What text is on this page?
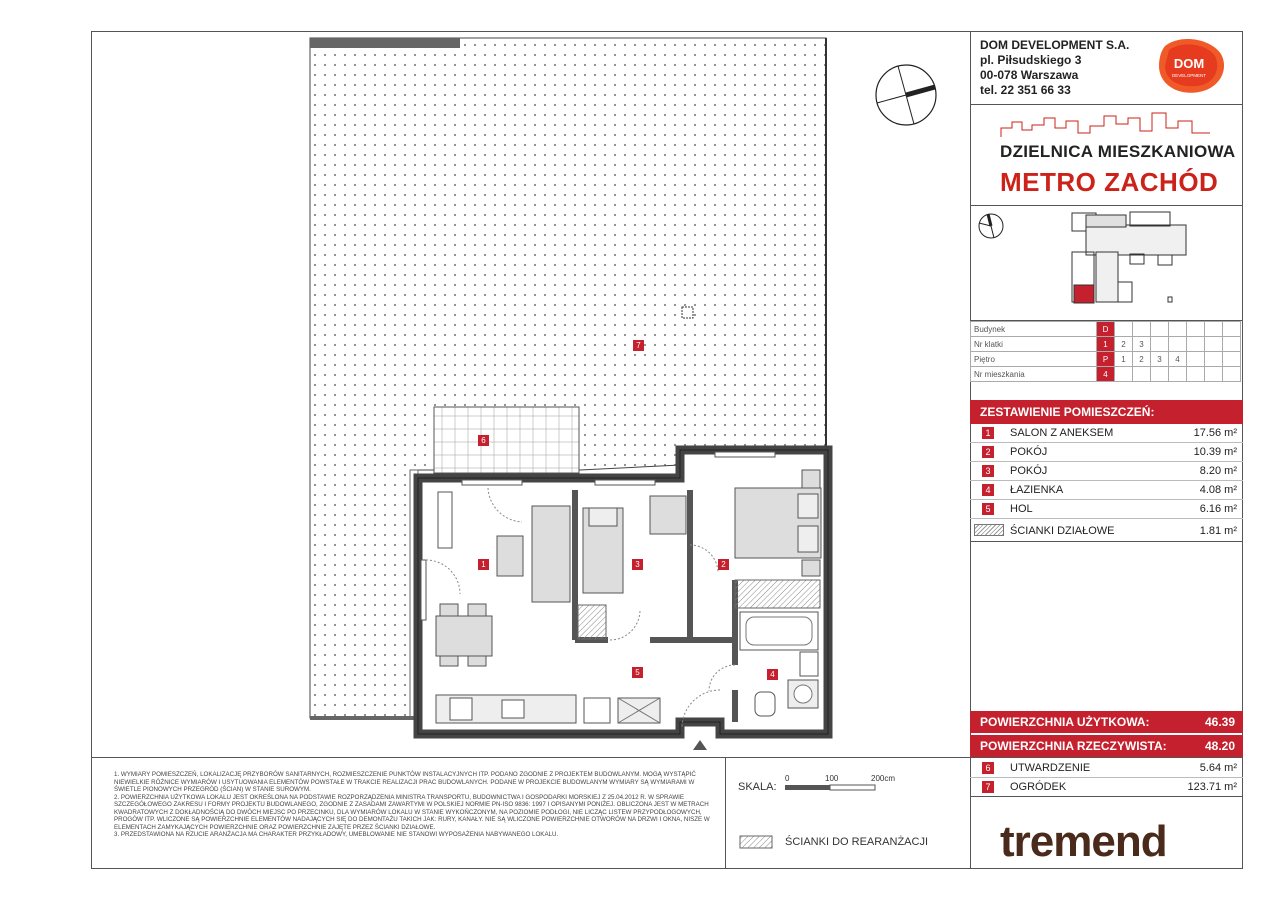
1	2
3
4
5
6
7
DOM DEVELOPMENT S.A.
pl. Piłsudskiego 3
00-078 Warszawa
tel. 22 351 66 33
DOM
DEVELOPMENT
DZIELNICA MIESZKANIOWA
METRO ZACHÓD
Budynek	D							
Nr klatki	1	2	3					
Piętro	P	1	2	3	4			
Nr mieszkania	4							
ZESTAWIENIE POMIESZCZEŃ:
1	SALON Z ANEKSEM	17.56 m²
2	POKÓJ	10.39 m²
3	POKÓJ	8.20 m²
4	ŁAZIENKA	4.08 m²
5	HOL	6.16 m²
ŚCIANKI DZIAŁOWE	1.81 m²
POWIERZCHNIA UŻYTKOWA:	46.39
POWIERZCHNIA RZECZYWISTA:	48.20
6	UTWARDZENIE	5.64 m²
7	OGRÓDEK	123.71 m²

1. WYMIARY POMIESZCZEŃ, LOKALIZACJĘ PRZYBORÓW SANITARNYCH, ROZMIESZCZENIE PUNKTÓW INSTALACYJNYCH ITP. PODANO ZGODNIE Z PROJEKTEM BUDOWLANYM. MOGĄ WYSTĄPIĆ NIEWIELKIE RÓŻNICE WYMIARÓW I USYTUOWANIA ELEMENTÓW POWSTAŁE W TRAKCIE REALIZACJI PRAC BUDOWLANYCH. PODANE W PROJEKCIE BUDOWLANYM WYMIARY SĄ WYMIARAMI W ŚWIETLE PIONOWYCH PRZEGRÓD (ŚCIAN) W STANIE SUROWYM.

2. POWIERZCHNIA UŻYTKOWA LOKALU JEST OKREŚLONA NA PODSTAWIE ROZPORZĄDZENIA MINISTRA TRANSPORTU, BUDOWNICTWA I GOSPODARKI MORSKIEJ Z 25.04.2012 R. W SPRAWIE SZCZEGÓŁOWEGO ZAKRESU I FORMY PROJEKTU BUDOWLANEGO, ZGODNIE Z ZASADAMI ZAWARTYMI W POLSKIEJ NORMIE PN-ISO 9836: 1997 I OPISANYMI PONIŻEJ. OBLICZONA JEST W METRACH KWADRATOWYCH Z DOKŁADNOŚCIĄ DO DWÓCH MIEJSC PO PRZECINKU, DLA WYMIARÓW LOKALU W STANIE WYKOŃCZONYM, NA POZIOMIE PODŁOGI, NIE LICZĄC LISTEW PRZYPODŁOGOWYCH, PROGÓW ITP. WLICZONE SĄ POWIERZCHNIE ELEMENTÓW NADAJĄCYCH SIĘ DO DEMONTAŻU TAKICH JAK: RURY, KANAŁY. NIE SĄ WLICZONE POWIERZCHNIE OTWORÓW NA DRZWI I OKNA, NISZE W ELEMENTACH ZAMYKAJĄCYCH POWIERZCHNIE ORAZ POWIERZCHNIE ZAJĘTE PRZEZ ŚCIANKI DZIAŁOWE.

3. PRZEDSTAWIONA NA RZUCIE ARANŻACJA MA CHARAKTER PRZYKŁADOWY, UMEBLOWANIE NIE STANOWI WYPOSAŻENIA NABYWANEGO LOKALU.

SKALA:
0	100	200cm
ŚCIANKI DO REARANŻACJI tremend
